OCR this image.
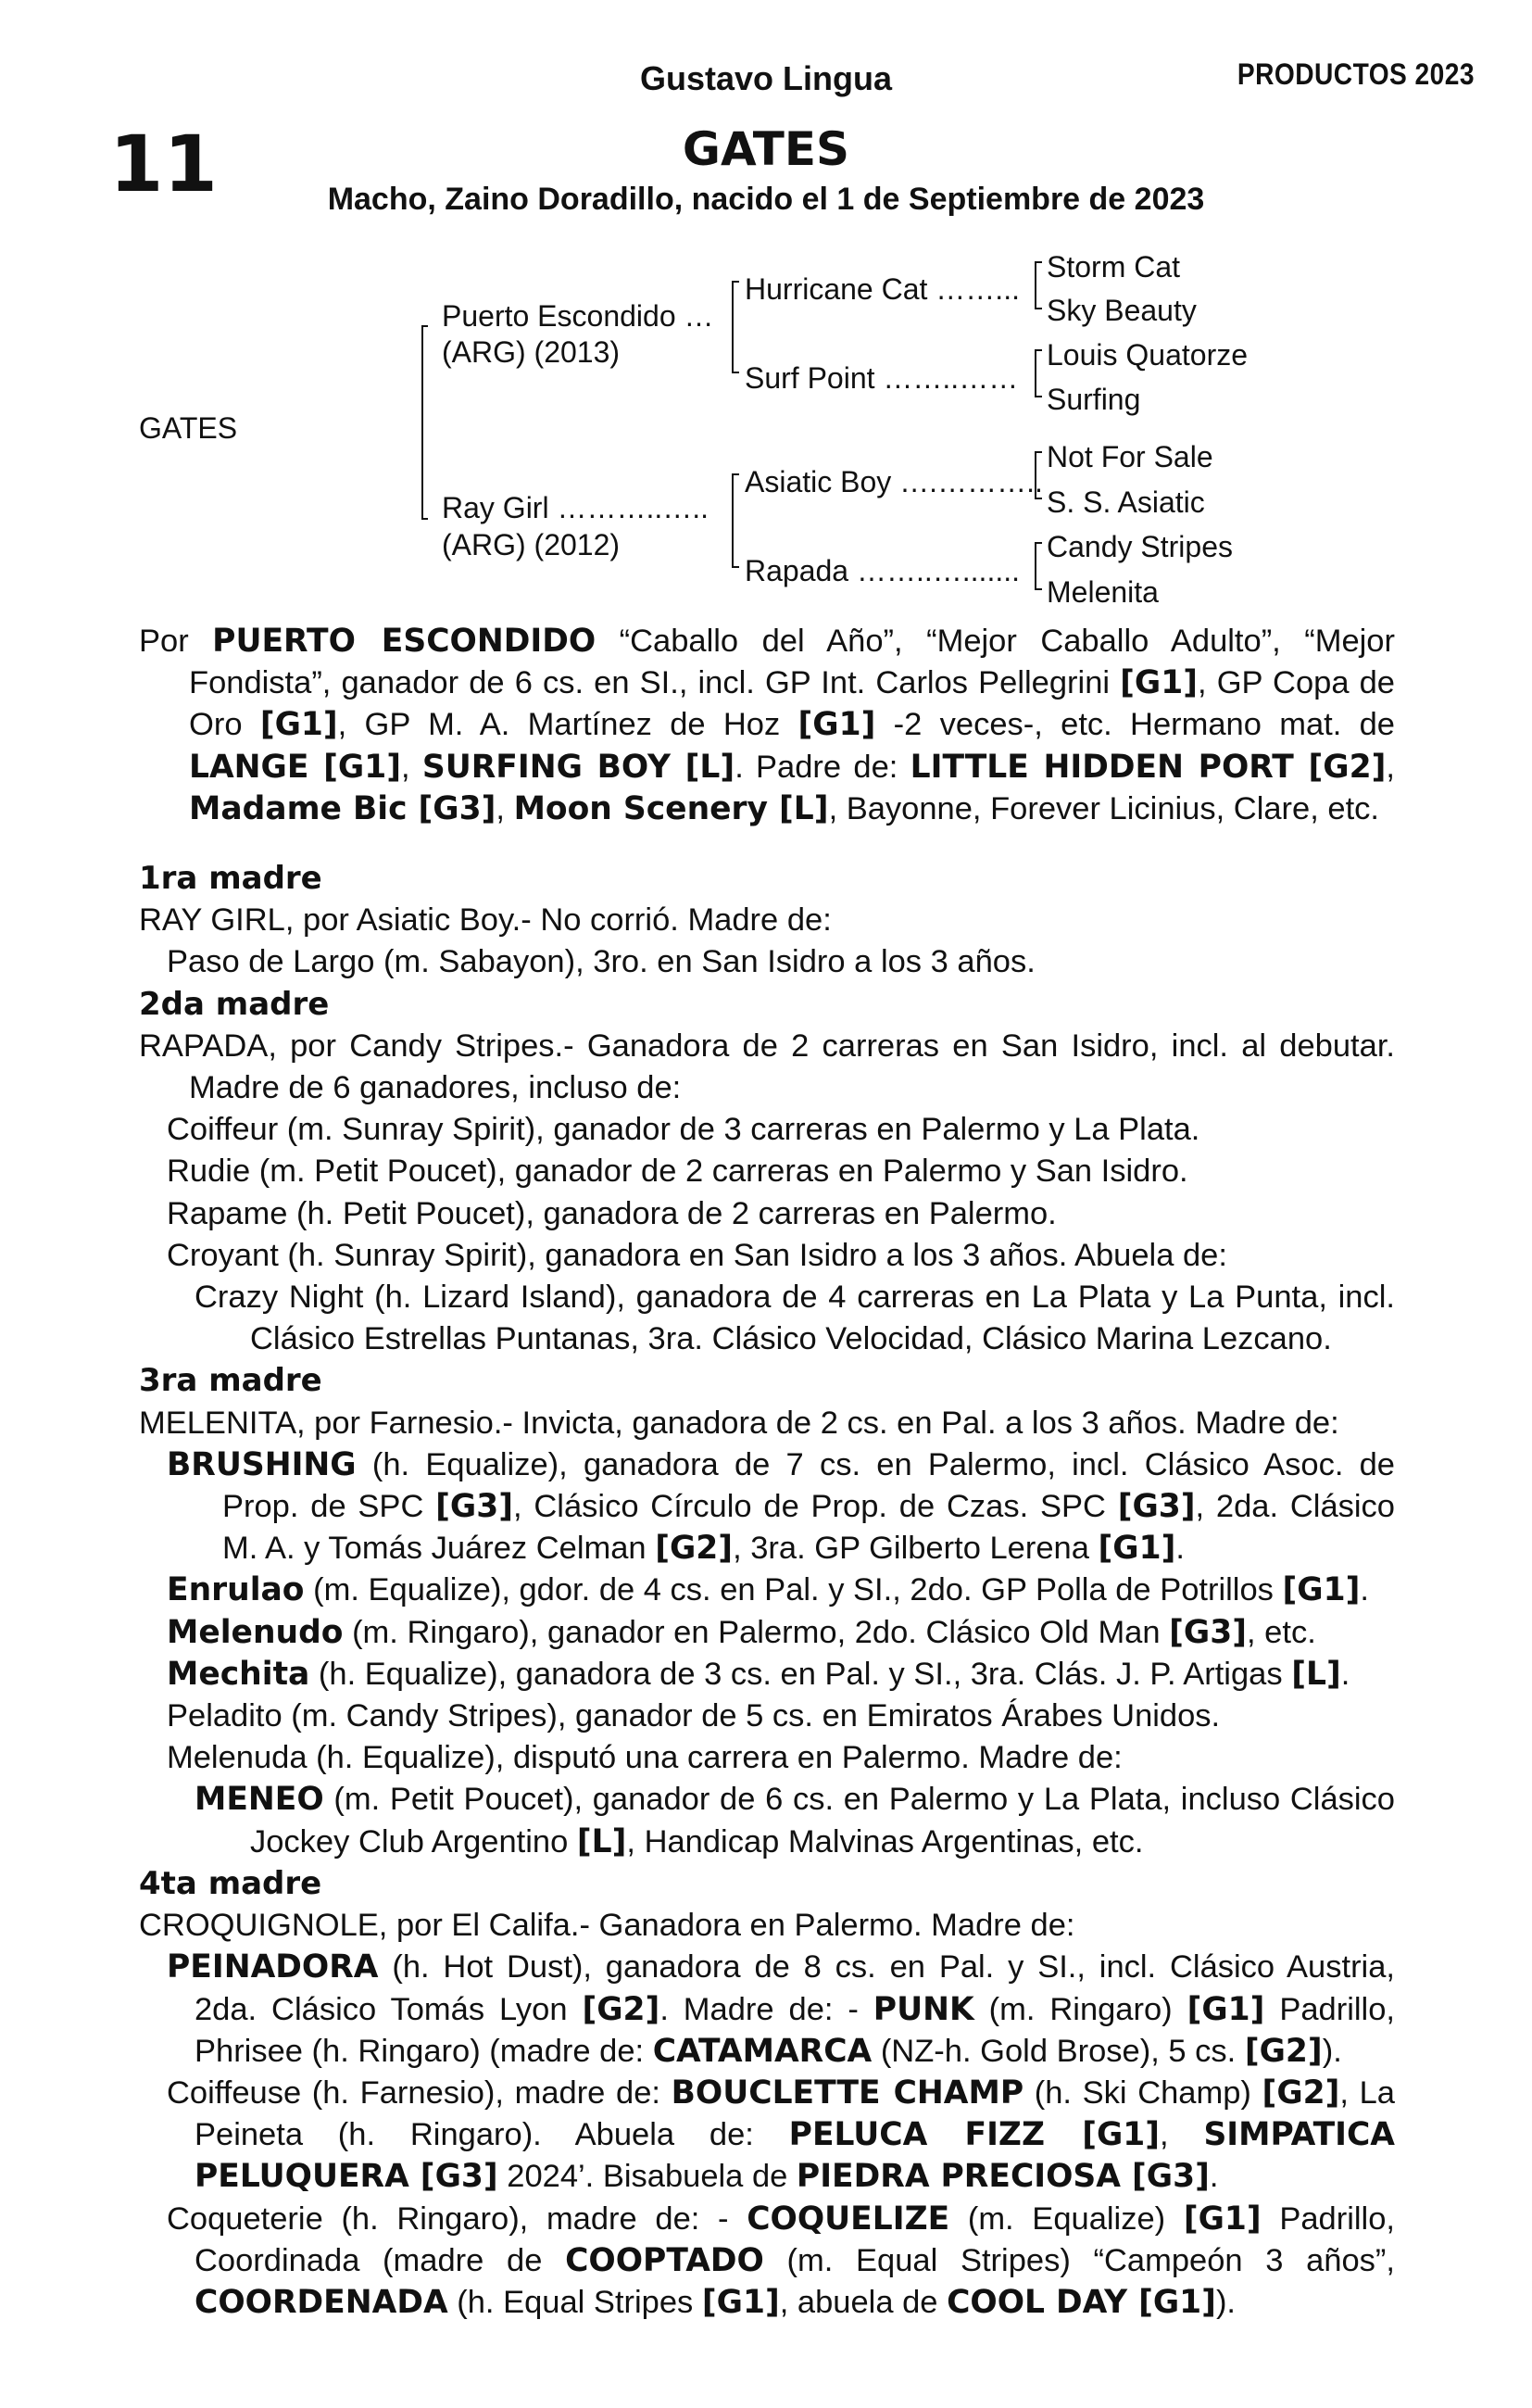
Gustavo Lingua	PRODUCTOS 2023
11	GATES
Macho, Zaino Doradillo, nacido el 1 de Septiembre de 2023
GATES
Puerto Escondido …
(ARG) (2013)
Ray Girl ………..…..
(ARG) (2012)
Hurricane Cat ……...
Surf Point ……..……
Asiatic Boy ….………..
Rapada ……..….......
Storm Cat
Sky Beauty
Louis Quatorze
Surfing
Not For Sale
S. S. Asiatic
Candy Stripes
Melenita

Por PUERTO ESCONDIDO “Caballo del Año”, “Mejor Caballo Adulto”, “Mejor Fondista”, ganador de 6 cs. en SI., incl. GP Int. Carlos Pellegrini [G1], GP Copa de Oro [G1], GP M. A. Martínez de Hoz [G1] -2 veces-, etc. Hermano mat. de LANGE [G1], SURFING BOY [L]. Padre de: LITTLE HIDDEN PORT [G2], Madame Bic [G3], Moon Scenery [L], Bayonne, Forever Licinius, Clare, etc.

1ra madre

RAY GIRL, por Asiatic Boy.- No corrió. Madre de:

Paso de Largo (m. Sabayon), 3ro. en San Isidro a los 3 años.

2da madre

RAPADA, por Candy Stripes.- Ganadora de 2 carreras en San Isidro, incl. al debutar. Madre de 6 ganadores, incluso de:

Coiffeur (m. Sunray Spirit), ganador de 3 carreras en Palermo y La Plata.

Rudie (m. Petit Poucet), ganador de 2 carreras en Palermo y San Isidro.

Rapame (h. Petit Poucet), ganadora de 2 carreras en Palermo.

Croyant (h. Sunray Spirit), ganadora en San Isidro a los 3 años. Abuela de:

Crazy Night (h. Lizard Island), ganadora de 4 carreras en La Plata y La Punta, incl. Clásico Estrellas Puntanas, 3ra. Clásico Velocidad, Clásico Marina Lezcano.

3ra madre

MELENITA, por Farnesio.- Invicta, ganadora de 2 cs. en Pal. a los 3 años. Madre de:

BRUSHING (h. Equalize), ganadora de 7 cs. en Palermo, incl. Clásico Asoc. de Prop. de SPC [G3], Clásico Círculo de Prop. de Czas. SPC [G3], 2da. Clásico M. A. y Tomás Juárez Celman [G2], 3ra. GP Gilberto Lerena [G1].

Enrulao (m. Equalize), gdor. de 4 cs. en Pal. y SI., 2do. GP Polla de Potrillos [G1].

Melenudo (m. Ringaro), ganador en Palermo, 2do. Clásico Old Man [G3], etc.

Mechita (h. Equalize), ganadora de 3 cs. en Pal. y SI., 3ra. Clás. J. P. Artigas [L].

Peladito (m. Candy Stripes), ganador de 5 cs. en Emiratos Árabes Unidos.

Melenuda (h. Equalize), disputó una carrera en Palermo. Madre de:

MENEO (m. Petit Poucet), ganador de 6 cs. en Palermo y La Plata, incluso Clásico Jockey Club Argentino [L], Handicap Malvinas Argentinas, etc.

4ta madre

CROQUIGNOLE, por El Califa.- Ganadora en Palermo. Madre de:

PEINADORA (h. Hot Dust), ganadora de 8 cs. en Pal. y SI., incl. Clásico Austria, 2da. Clásico Tomás Lyon [G2]. Madre de: - PUNK (m. Ringaro) [G1] Padrillo, Phrisee (h. Ringaro) (madre de: CATAMARCA (NZ-h. Gold Brose), 5 cs. [G2]).

Coiffeuse (h. Farnesio), madre de: BOUCLETTE CHAMP (h. Ski Champ) [G2], La Peineta (h. Ringaro). Abuela de: PELUCA FIZZ [G1], SIMPATICA PELUQUERA [G3] 2024’. Bisabuela de PIEDRA PRECIOSA [G3].

Coqueterie (h. Ringaro), madre de: - COQUELIZE (m. Equalize) [G1] Padrillo, Coordinada (madre de COOPTADO (m. Equal Stripes) “Campeón 3 años”, COORDENADA (h. Equal Stripes [G1], abuela de COOL DAY [G1]).
